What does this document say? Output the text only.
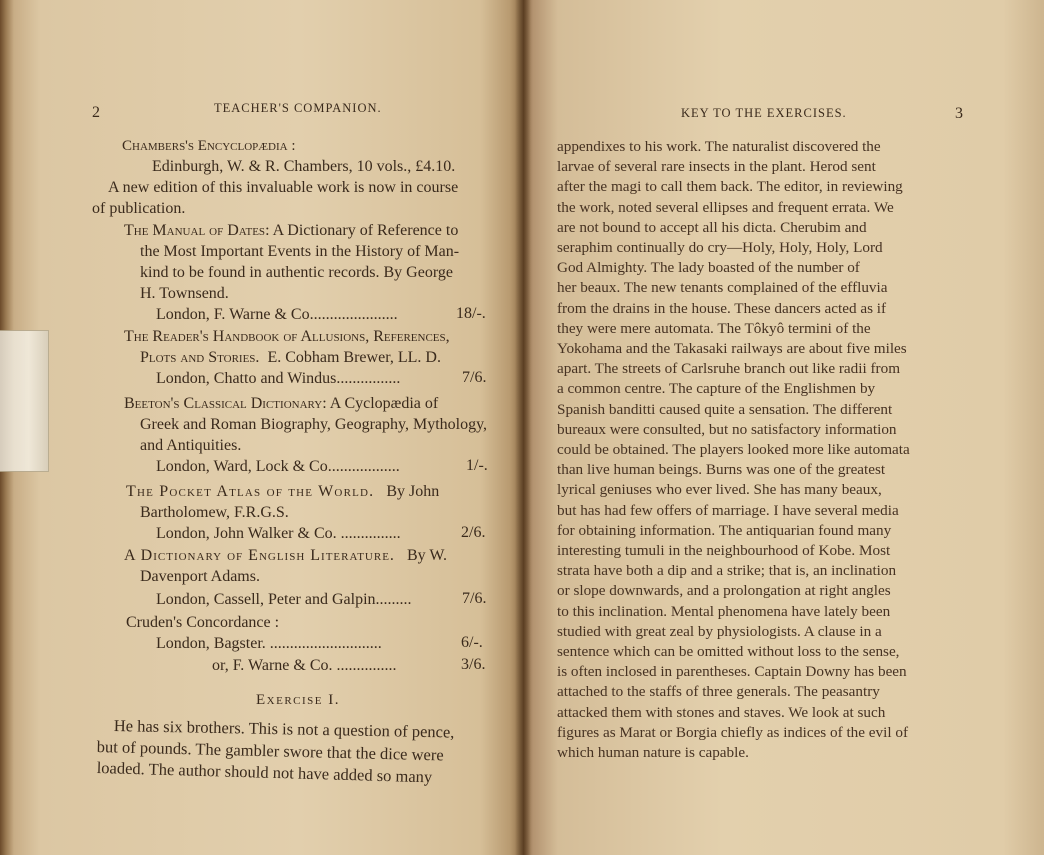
2	TEACHER'S COMPANION.
Chambers's Encyclopædia :
Edinburgh, W. & R. Chambers, 10 vols., £4.10.
A new edition of this invaluable work is now in course
of publication.
The Manual of Dates: A Dictionary of Reference to
the Most Important Events in the History of Man-
kind to be found in authentic records. By George
H. Townsend.
London, F. Warne & Co......................	18/-.
The Reader's Handbook of Allusions, References,
Plots and Stories. E. Cobham Brewer, LL. D.
London, Chatto and Windus................	7/6.
Beeton's Classical Dictionary: A Cyclopædia of
Greek and Roman Biography, Geography, Mythology,
and Antiquities.
London, Ward, Lock & Co..................	1/-.
The Pocket Atlas of the World. By John
Bartholomew, F.R.G.S.
London, John Walker & Co. ...............	2/6.
A Dictionary of English Literature. By W.
Davenport Adams.
London, Cassell, Peter and Galpin.........	7/6.
Cruden's Concordance :
London, Bagster. ............................	6/-.
or, F. Warne & Co. ...............	3/6.
Exercise I.
He has six brothers. This is not a question of pence,
but of pounds. The gambler swore that the dice were
loaded. The author should not have added so many
KEY TO THE EXERCISES.	3
appendixes to his work. The naturalist discovered the
larvae of several rare insects in the plant. Herod sent
after the magi to call them back. The editor, in reviewing
the work, noted several ellipses and frequent errata. We
are not bound to accept all his dicta. Cherubim and
seraphim continually do cry—Holy, Holy, Holy, Lord
God Almighty. The lady boasted of the number of
her beaux. The new tenants complained of the effluvia
from the drains in the house. These dancers acted as if
they were mere automata. The Tôkyô termini of the
Yokohama and the Takasaki railways are about five miles
apart. The streets of Carlsruhe branch out like radii from
a common centre. The capture of the Englishmen by
Spanish banditti caused quite a sensation. The different
bureaux were consulted, but no satisfactory information
could be obtained. The players looked more like automata
than live human beings. Burns was one of the greatest
lyrical geniuses who ever lived. She has many beaux,
but has had few offers of marriage. I have several media
for obtaining information. The antiquarian found many
interesting tumuli in the neighbourhood of Kobe. Most
strata have both a dip and a strike; that is, an inclination
or slope downwards, and a prolongation at right angles
to this inclination. Mental phenomena have lately been
studied with great zeal by physiologists. A clause in a
sentence which can be omitted without loss to the sense,
is often inclosed in parentheses. Captain Downy has been
attached to the staffs of three generals. The peasantry
attacked them with stones and staves. We look at such
figures as Marat or Borgia chiefly as indices of the evil of
which human nature is capable.
